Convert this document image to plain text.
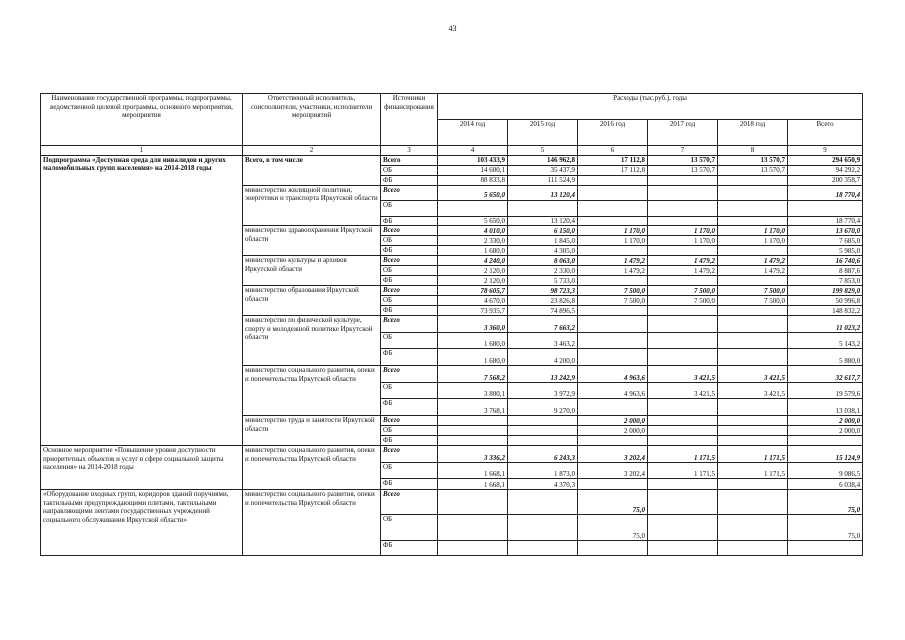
43
Наименование государственной программы, подпрограммы, ведомственной целевой программы, основного мероприятия, мероприятия	Ответственный исполнитель, соисполнители, участники, исполнители мероприятий	Источники финансирования	Расходы (тыс.руб.), годы					
			2014 год	2015 год	2016 год	2017 год	2018 год	Всего
1	2	3	4	5	6	7	8	9
Подпрограмма «Доступная среда для инвалидов и других маломобильных групп населения» на 2014-2018 годы	Всего, в том числе	Всего	103 433,9	146 962,8	17 112,8	13 570,7	13 570,7	294 650,9
		ОБ	14 600,1	35 437,9	17 112,8	13 570,7	13 570,7	94 292,2
		ФБ	88 833,8	111 524,9				200 358,7
	министерство жилищной политики, энергетики и транспорта Иркутской области	Всего	5 650,0	13 120,4				18 770,4
		ОБ						
		ФБ	5 650,0	13 120,4				18 770,4
	министерство здравоохранения Иркутской области	Всего	4 010,0	6 150,0	1 170,0	1 170,0	1 170,0	13 670,0
		ОБ	2 330,0	1 845,0	1 170,0	1 170,0	1 170,0	7 685,0
		ФБ	1 680,0	4 305,0				5 985,0
	министерство культуры и архивов Иркутской области	Всего	4 240,0	8 063,0	1 479,2	1 479,2	1 479,2	16 740,6
		ОБ	2 120,0	2 330,0	1 479,2	1 479,2	1 479,2	8 887,6
		ФБ	2 120,0	5 733,0				7 853,0
	министерство образования Иркутской области	Всего	78 605,7	98 723,3	7 500,0	7 500,0	7 500,0	199 829,0
		ОБ	4 670,0	23 826,8	7 500,0	7 500,0	7 500,0	50 996,8
		ФБ	73 935,7	74 896,5				148 832,2
	министерство по физической культуре, спорту и молодежной политике Иркутской области	Всего	3 360,0	7 663,2				11 023,2
		ОБ	1 680,0	3 463,2				5 143,2
		ФБ	1 680,0	4 200,0				5 880,0
	министерство социального развития, опеки и попечительства Иркутской области	Всего	7 568,2	13 242,9	4 963,6	3 421,5	3 421,5	32 617,7
		ОБ	3 800,1	3 972,9	4 963,6	3 421,5	3 421,5	19 579,6
		ФБ	3 768,1	9 270,0				13 038,1
	министерство труда и занятости Иркутской области	Всего			2 000,0			2 000,0
		ОБ			2 000,0			2 000,0
		ФБ						
Основное мероприятие «Повышение уровня доступности приоритетных объектов и услуг в сфере социальной защиты населения» на 2014-2018 годы	министерство социального развития, опеки и попечительства Иркутской области	Всего	3 336,2	6 243,3	3 202,4	1 171,5	1 171,5	15 124,9
		ОБ	1 668,1	1 873,0	3 202,4	1 171,5	1 171,5	9 086,5
		ФБ	1 668,1	4 370,3				6 038,4
«Оборудование входных групп, коридоров зданий поручнями, тактильными предупреждающими плитами, тактильными направляющими лентами государственных учреждений социального обслуживания Иркутской области»	министерство социального развития, опеки и попечительства Иркутской области	Всего			75,0			75,0
		ОБ			75,0			75,0
		ФБ						
